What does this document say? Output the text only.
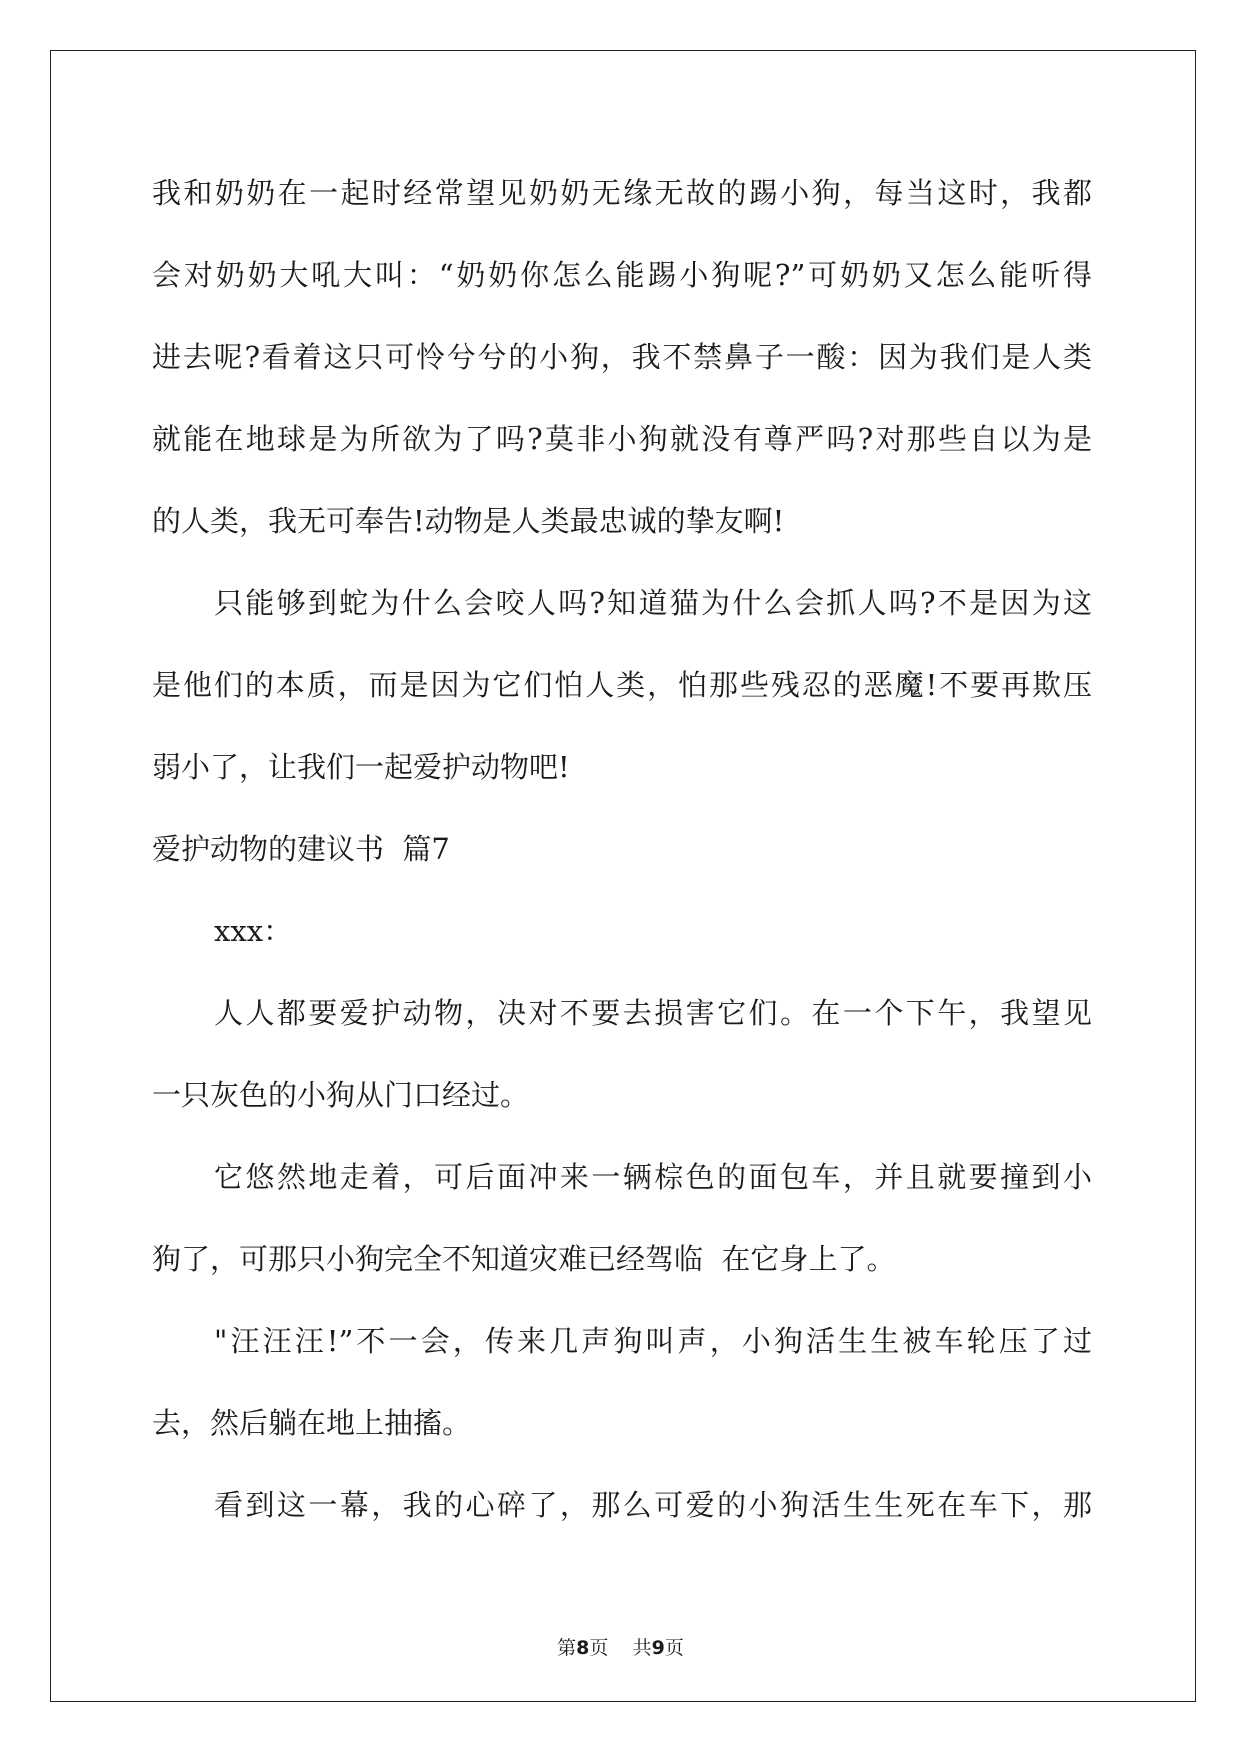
我和奶奶在一起时经常望见奶奶无缘无故的踢小狗，每当这时，我都
会对奶奶大吼大叫：“奶奶你怎么能踢小狗呢?”可奶奶又怎么能听得
进去呢?看着这只可怜兮兮的小狗，我不禁鼻子一酸：因为我们是人类
就能在地球是为所欲为了吗?莫非小狗就没有尊严吗?对那些自以为是
的人类，我无可奉告!动物是人类最忠诚的挚友啊!
只能够到蛇为什么会咬人吗?知道猫为什么会抓人吗?不是因为这
是他们的本质，而是因为它们怕人类，怕那些残忍的恶魔!不要再欺压
弱小了，让我们一起爱护动物吧!
爱护动物的建议书  篇7
xxx：
人人都要爱护动物，决对不要去损害它们。在一个下午，我望见
一只灰色的小狗从门口经过。
它悠然地走着，可后面冲来一辆棕色的面包车，并且就要撞到小
狗了，可那只小狗完全不知道灾难已经驾临  在它身上了。
"汪汪汪!”不一会，传来几声狗叫声，小狗活生生被车轮压了过
去，然后躺在地上抽搐。
看到这一幕，我的心碎了，那么可爱的小狗活生生死在车下，那
第8页    共9页
